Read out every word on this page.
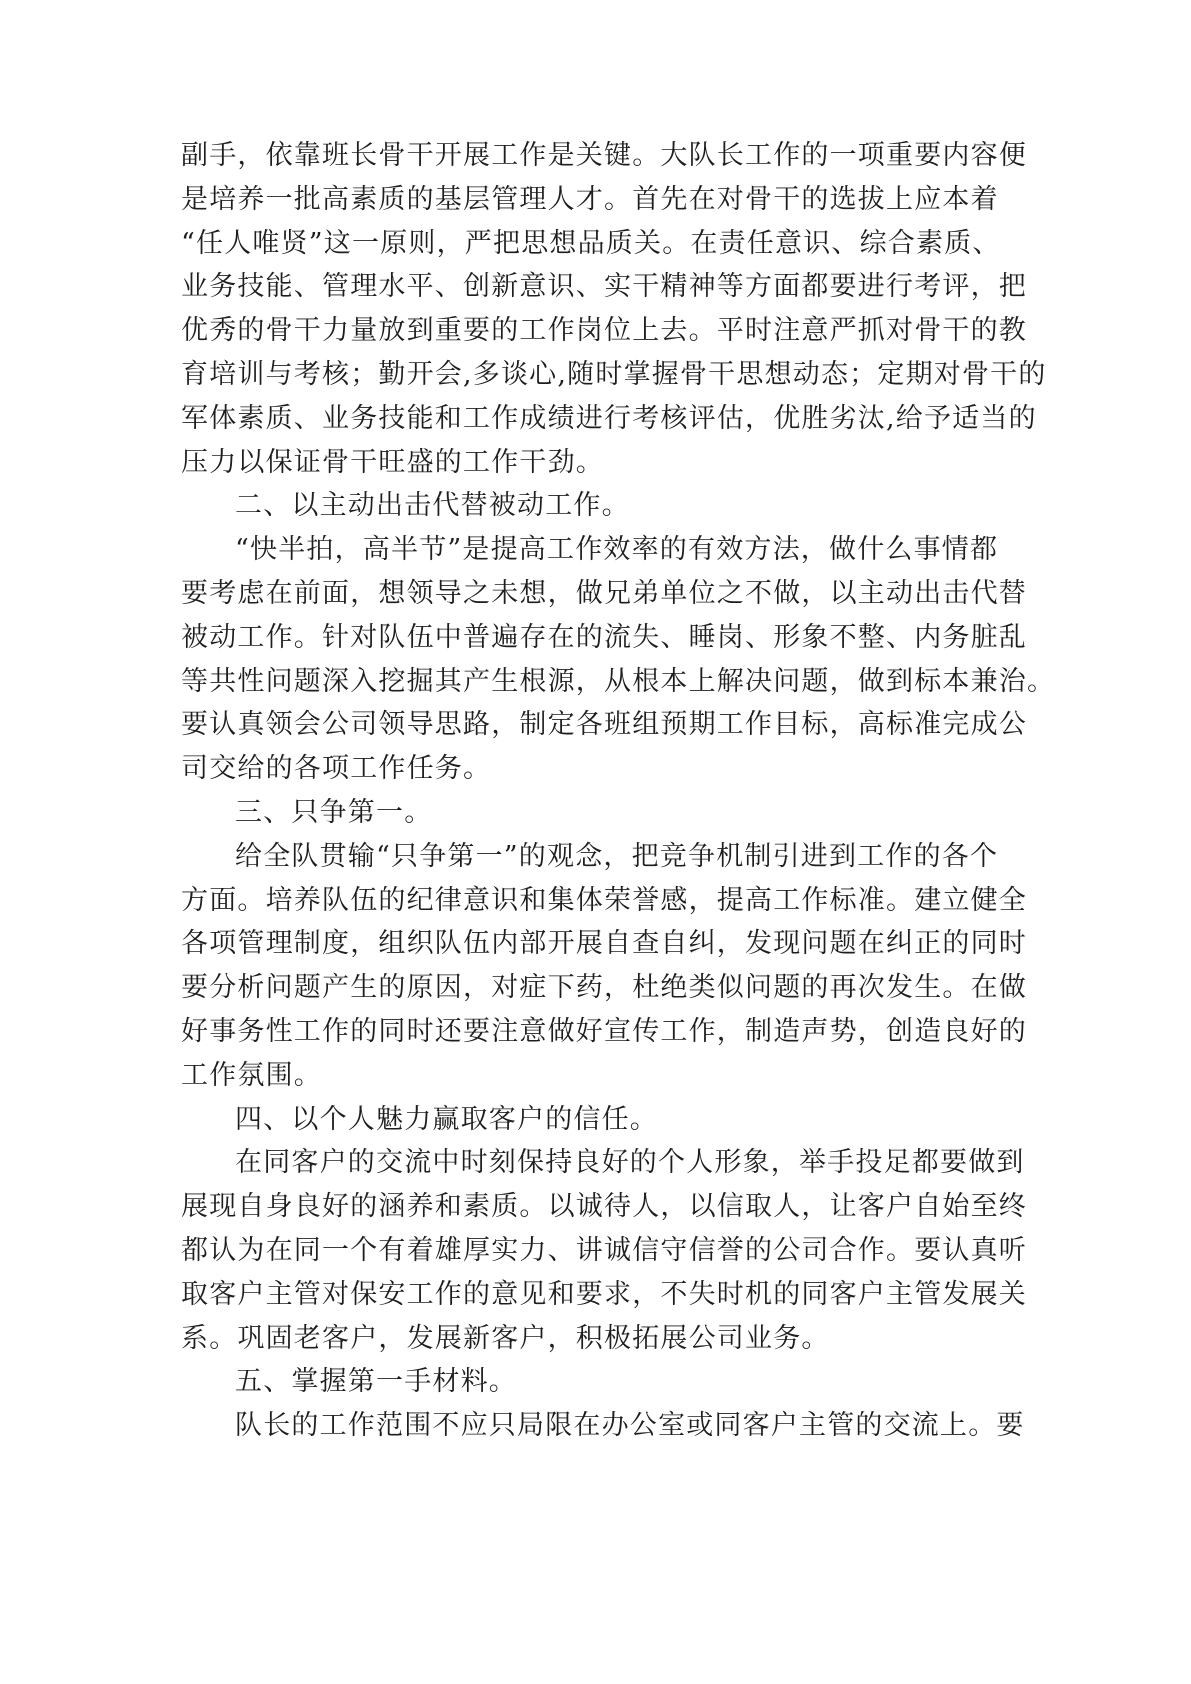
副手，依靠班长骨干开展工作是关键。大队长工作的一项重要内容便
是培养一批高素质的基层管理人才。首先在对骨干的选拔上应本着
“任人唯贤”这一原则，严把思想品质关。在责任意识、综合素质、
业务技能、管理水平、创新意识、实干精神等方面都要进行考评，把
优秀的骨干力量放到重要的工作岗位上去。平时注意严抓对骨干的教
育培训与考核；勤开会,多谈心,随时掌握骨干思想动态；定期对骨干的
军体素质、业务技能和工作成绩进行考核评估，优胜劣汰,给予适当的
压力以保证骨干旺盛的工作干劲。
二、以主动出击代替被动工作。
“快半拍，高半节”是提高工作效率的有效方法，做什么事情都
要考虑在前面，想领导之未想，做兄弟单位之不做，以主动出击代替
被动工作。针对队伍中普遍存在的流失、睡岗、形象不整、内务脏乱
等共性问题深入挖掘其产生根源，从根本上解决问题，做到标本兼治。
要认真领会公司领导思路，制定各班组预期工作目标，高标准完成公
司交给的各项工作任务。
三、只争第一。
给全队贯输“只争第一”的观念，把竞争机制引进到工作的各个
方面。培养队伍的纪律意识和集体荣誉感，提高工作标准。建立健全
各项管理制度，组织队伍内部开展自查自纠，发现问题在纠正的同时
要分析问题产生的原因，对症下药，杜绝类似问题的再次发生。在做
好事务性工作的同时还要注意做好宣传工作，制造声势，创造良好的
工作氛围。
四、以个人魅力赢取客户的信任。
在同客户的交流中时刻保持良好的个人形象，举手投足都要做到
展现自身良好的涵养和素质。以诚待人，以信取人，让客户自始至终
都认为在同一个有着雄厚实力、讲诚信守信誉的公司合作。要认真听
取客户主管对保安工作的意见和要求，不失时机的同客户主管发展关
系。巩固老客户，发展新客户，积极拓展公司业务。
五、掌握第一手材料。
队长的工作范围不应只局限在办公室或同客户主管的交流上。要
